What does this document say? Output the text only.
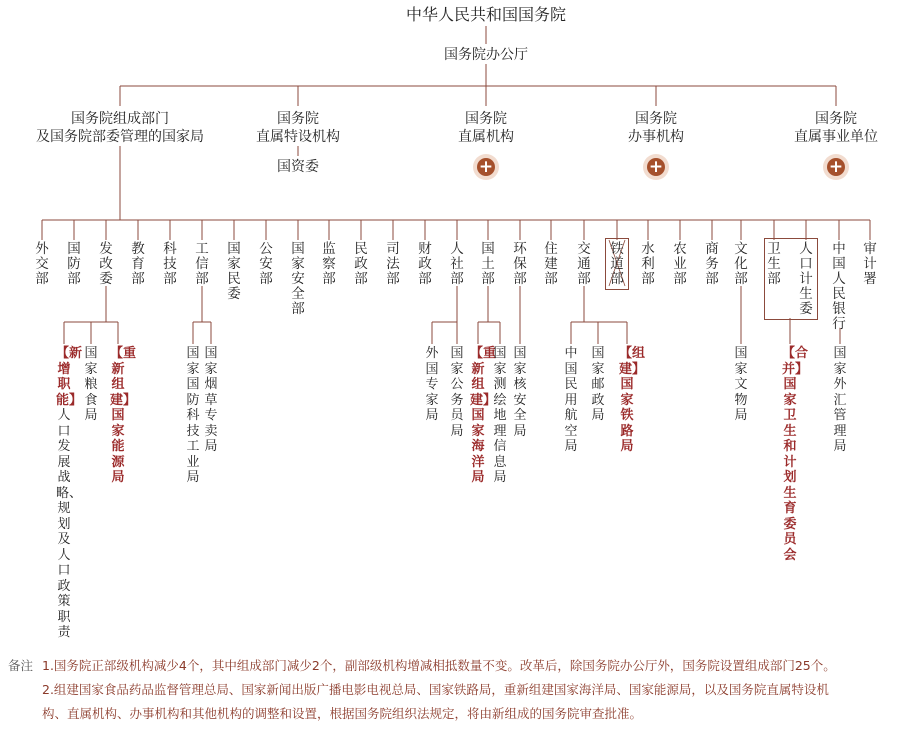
中华人民共和国国务院
国务院办公厅
国务院组成部门
及国务院部委管理的国家局
国务院
直属特设机构
国资委
国务院
直属机构
国务院
办事机构
国务院
直属事业单位
+	+	+
外交部
国防部
发改委
教育部
科技部
工信部
国家民委
公安部
国家安全部
监察部
民政部
司法部
财政部
人社部
国土部
环保部
住建部
交通部
铁道部
水利部
农业部
商务部
文化部
卫生部
人口计生委
中国人民银行
审计署
【新增职能】人口发展战略、规划及人口政策职责
国家粮食局
【重新组建】国家能源局
国家国防科技工业局
国家烟草专卖局
外国专家局
国家公务员局
【重新组建】国家海洋局
国家测绘地理信息局
国家核安全局
中国民用航空局
国家邮政局
【组建】国家铁路局
国家文物局
【合并】国家卫生和计划生育委员会
国家外汇管理局
备注 1.国务院正部级机构减少4个，其中组成部门减少2个，副部级机构增减相抵数量不变。改革后，除国务院办公厅外，国务院设置组成部门25个。
2.组建国家食品药品监督管理总局、国家新闻出版广播电影电视总局、国家铁路局，重新组建国家海洋局、国家能源局，以及国务院直属特设机
构、直属机构、办事机构和其他机构的调整和设置，根据国务院组织法规定，将由新组成的国务院审查批准。
